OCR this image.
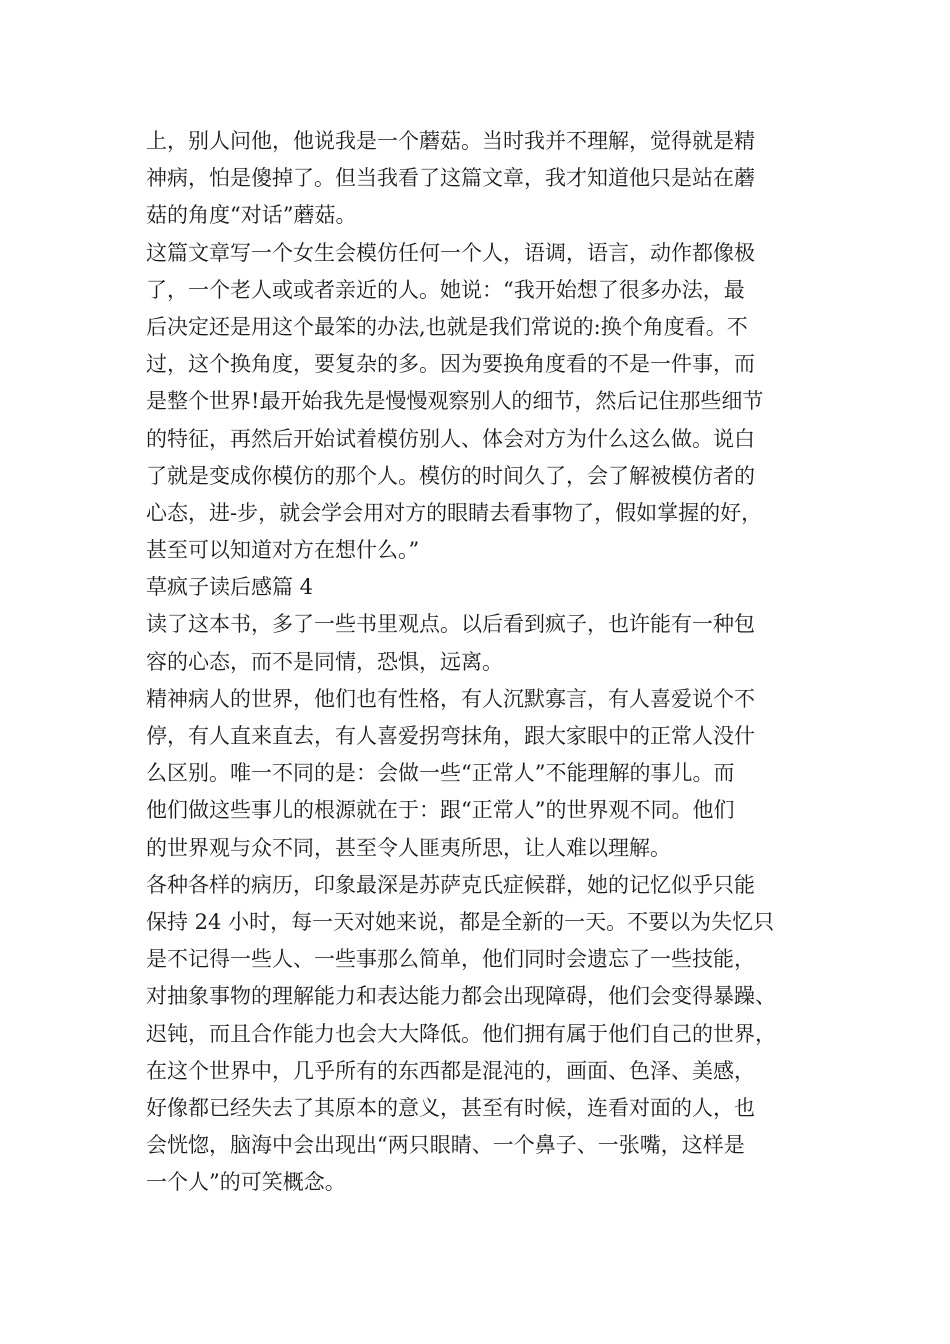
上，别人问他，他说我是一个蘑菇。当时我并不理解，觉得就是精
神病，怕是傻掉了。但当我看了这篇文章，我才知道他只是站在蘑
菇的角度“对话”蘑菇。
这篇文章写一个女生会模仿任何一个人，语调，语言，动作都像极
了，一个老人或或者亲近的人。她说：“我开始想了很多办法，最
后决定还是用这个最笨的办法,也就是我们常说的:换个角度看。不
过，这个换角度，要复杂的多。因为要换角度看的不是一件事，而
是整个世界!最开始我先是慢慢观察别人的细节，然后记住那些细节
的特征，再然后开始试着模仿别人、体会对方为什么这么做。说白
了就是变成你模仿的那个人。模仿的时间久了，会了解被模仿者的
心态，进-步，就会学会用对方的眼睛去看事物了，假如掌握的好，
甚至可以知道对方在想什么。”
草疯子读后感篇 4
读了这本书，多了一些书里观点。以后看到疯子，也许能有一种包
容的心态，而不是同情，恐惧，远离。
精神病人的世界，他们也有性格，有人沉默寡言，有人喜爱说个不
停，有人直来直去，有人喜爱拐弯抹角，跟大家眼中的正常人没什
么区别。唯一不同的是：会做一些“正常人”不能理解的事儿。而
他们做这些事儿的根源就在于：跟“正常人”的世界观不同。他们
的世界观与众不同，甚至令人匪夷所思，让人难以理解。
各种各样的病历，印象最深是苏萨克氏症候群，她的记忆似乎只能
保持 24 小时，每一天对她来说，都是全新的一天。不要以为失忆只
是不记得一些人、一些事那么简单，他们同时会遗忘了一些技能，
对抽象事物的理解能力和表达能力都会出现障碍，他们会变得暴躁、
迟钝，而且合作能力也会大大降低。他们拥有属于他们自己的世界，
在这个世界中，几乎所有的东西都是混沌的，画面、色泽、美感，
好像都已经失去了其原本的意义，甚至有时候，连看对面的人，也
会恍惚，脑海中会出现出“两只眼睛、一个鼻子、一张嘴，这样是
一个人”的可笑概念。
